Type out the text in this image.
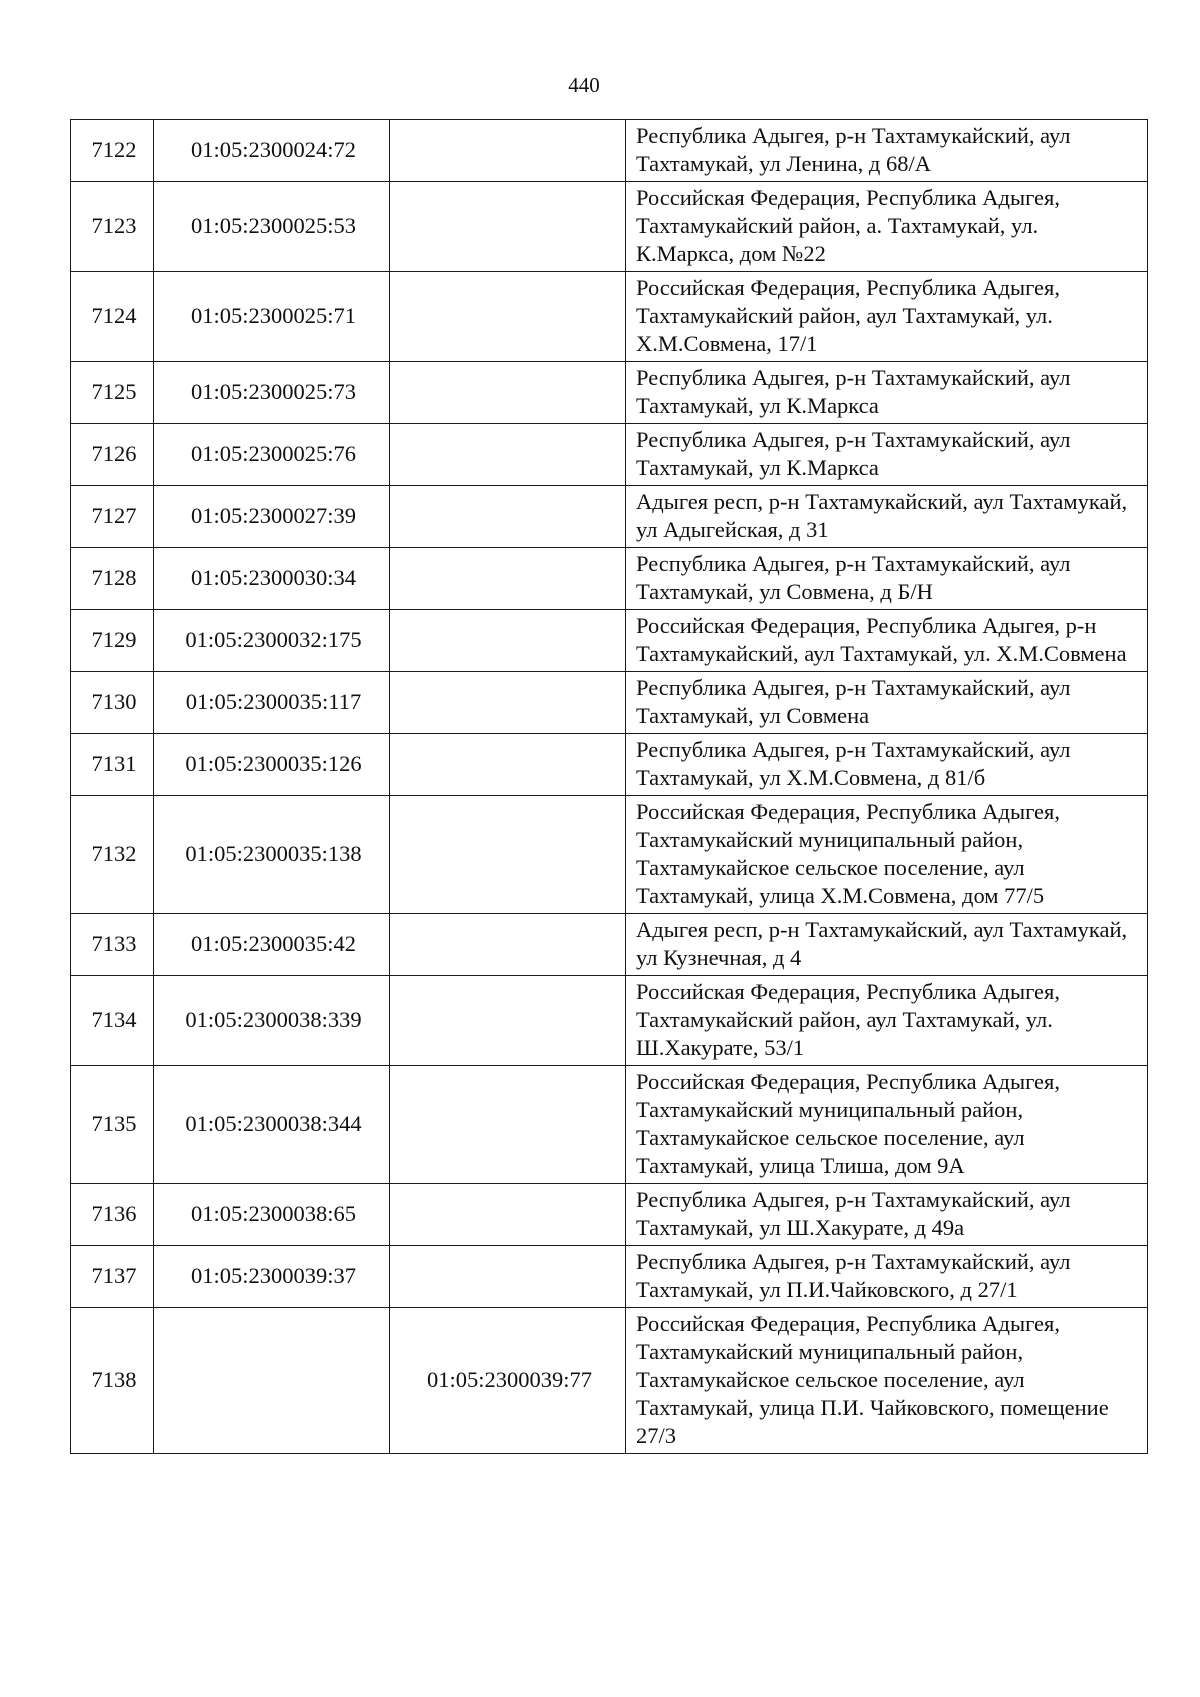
440
7122	01:05:2300024:72		Республика Адыгея, р-н Тахтамукайский, аул Тахтамукай, ул Ленина, д 68/А
7123	01:05:2300025:53		Российская Федерация, Республика Адыгея, Тахтамукайский район, а. Тахтамукай, ул. К.Маркса, дом №22
7124	01:05:2300025:71		Российская Федерация, Республика Адыгея, Тахтамукайский район, аул Тахтамукай, ул. Х.М.Совмена, 17/1
7125	01:05:2300025:73		Республика Адыгея, р-н Тахтамукайский, аул Тахтамукай, ул К.Маркса
7126	01:05:2300025:76		Республика Адыгея, р-н Тахтамукайский, аул Тахтамукай, ул К.Маркса
7127	01:05:2300027:39		Адыгея респ, р-н Тахтамукайский, аул Тахтамукай, ул Адыгейская, д 31
7128	01:05:2300030:34		Республика Адыгея, р-н Тахтамукайский, аул Тахтамукай, ул Совмена, д Б/Н
7129	01:05:2300032:175		Российская Федерация, Республика Адыгея, р-н Тахтамукайский, аул Тахтамукай, ул. Х.М.Совмена
7130	01:05:2300035:117		Республика Адыгея, р-н Тахтамукайский, аул Тахтамукай, ул Совмена
7131	01:05:2300035:126		Республика Адыгея, р-н Тахтамукайский, аул Тахтамукай, ул Х.М.Совмена, д 81/б
7132	01:05:2300035:138		Российская Федерация, Республика Адыгея, Тахтамукайский муниципальный район, Тахтамукайское сельское поселение, аул Тахтамукай, улица Х.М.Совмена, дом 77/5
7133	01:05:2300035:42		Адыгея респ, р-н Тахтамукайский, аул Тахтамукай, ул Кузнечная, д 4
7134	01:05:2300038:339		Российская Федерация, Республика Адыгея, Тахтамукайский район, аул Тахтамукай, ул. Ш.Хакурате, 53/1
7135	01:05:2300038:344		Российская Федерация, Республика Адыгея, Тахтамукайский муниципальный район, Тахтамукайское сельское поселение, аул Тахтамукай, улица Тлиша, дом 9А
7136	01:05:2300038:65		Республика Адыгея, р-н Тахтамукайский, аул Тахтамукай, ул Ш.Хакурате, д 49а
7137	01:05:2300039:37		Республика Адыгея, р-н Тахтамукайский, аул Тахтамукай, ул П.И.Чайковского, д 27/1
7138		01:05:2300039:77	Российская Федерация, Республика Адыгея, Тахтамукайский муниципальный район, Тахтамукайское сельское поселение, аул Тахтамукай, улица П.И. Чайковского, помещение 27/3
